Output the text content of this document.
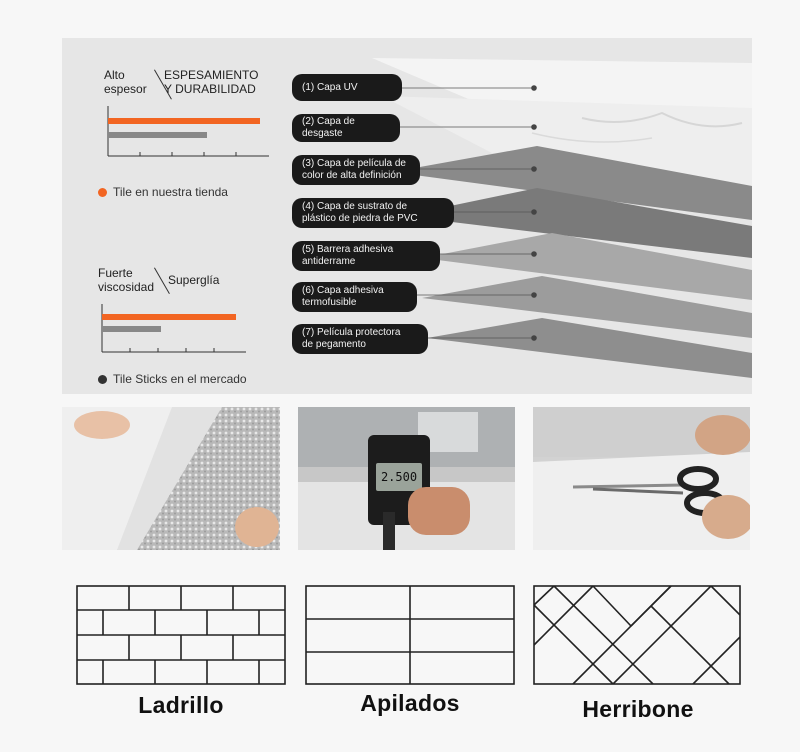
Alto
espesor
ESPESAMIENTO
Y DURABILIDAD
Tile en nuestra tienda
Fuerte
viscosidad	Superglía
Tile Sticks en el mercado
(1) Capa UV
(2) Capa de
desgaste
(3) Capa de película de
color de alta definición
(4) Capa de sustrato de
plástico de piedra de PVC
(5) Barrera adhesiva
antiderrame
(6) Capa adhesiva
termofusible
(7) Película protectora
de pegamento
2.500
Ladrillo	Apilados	Herribone
